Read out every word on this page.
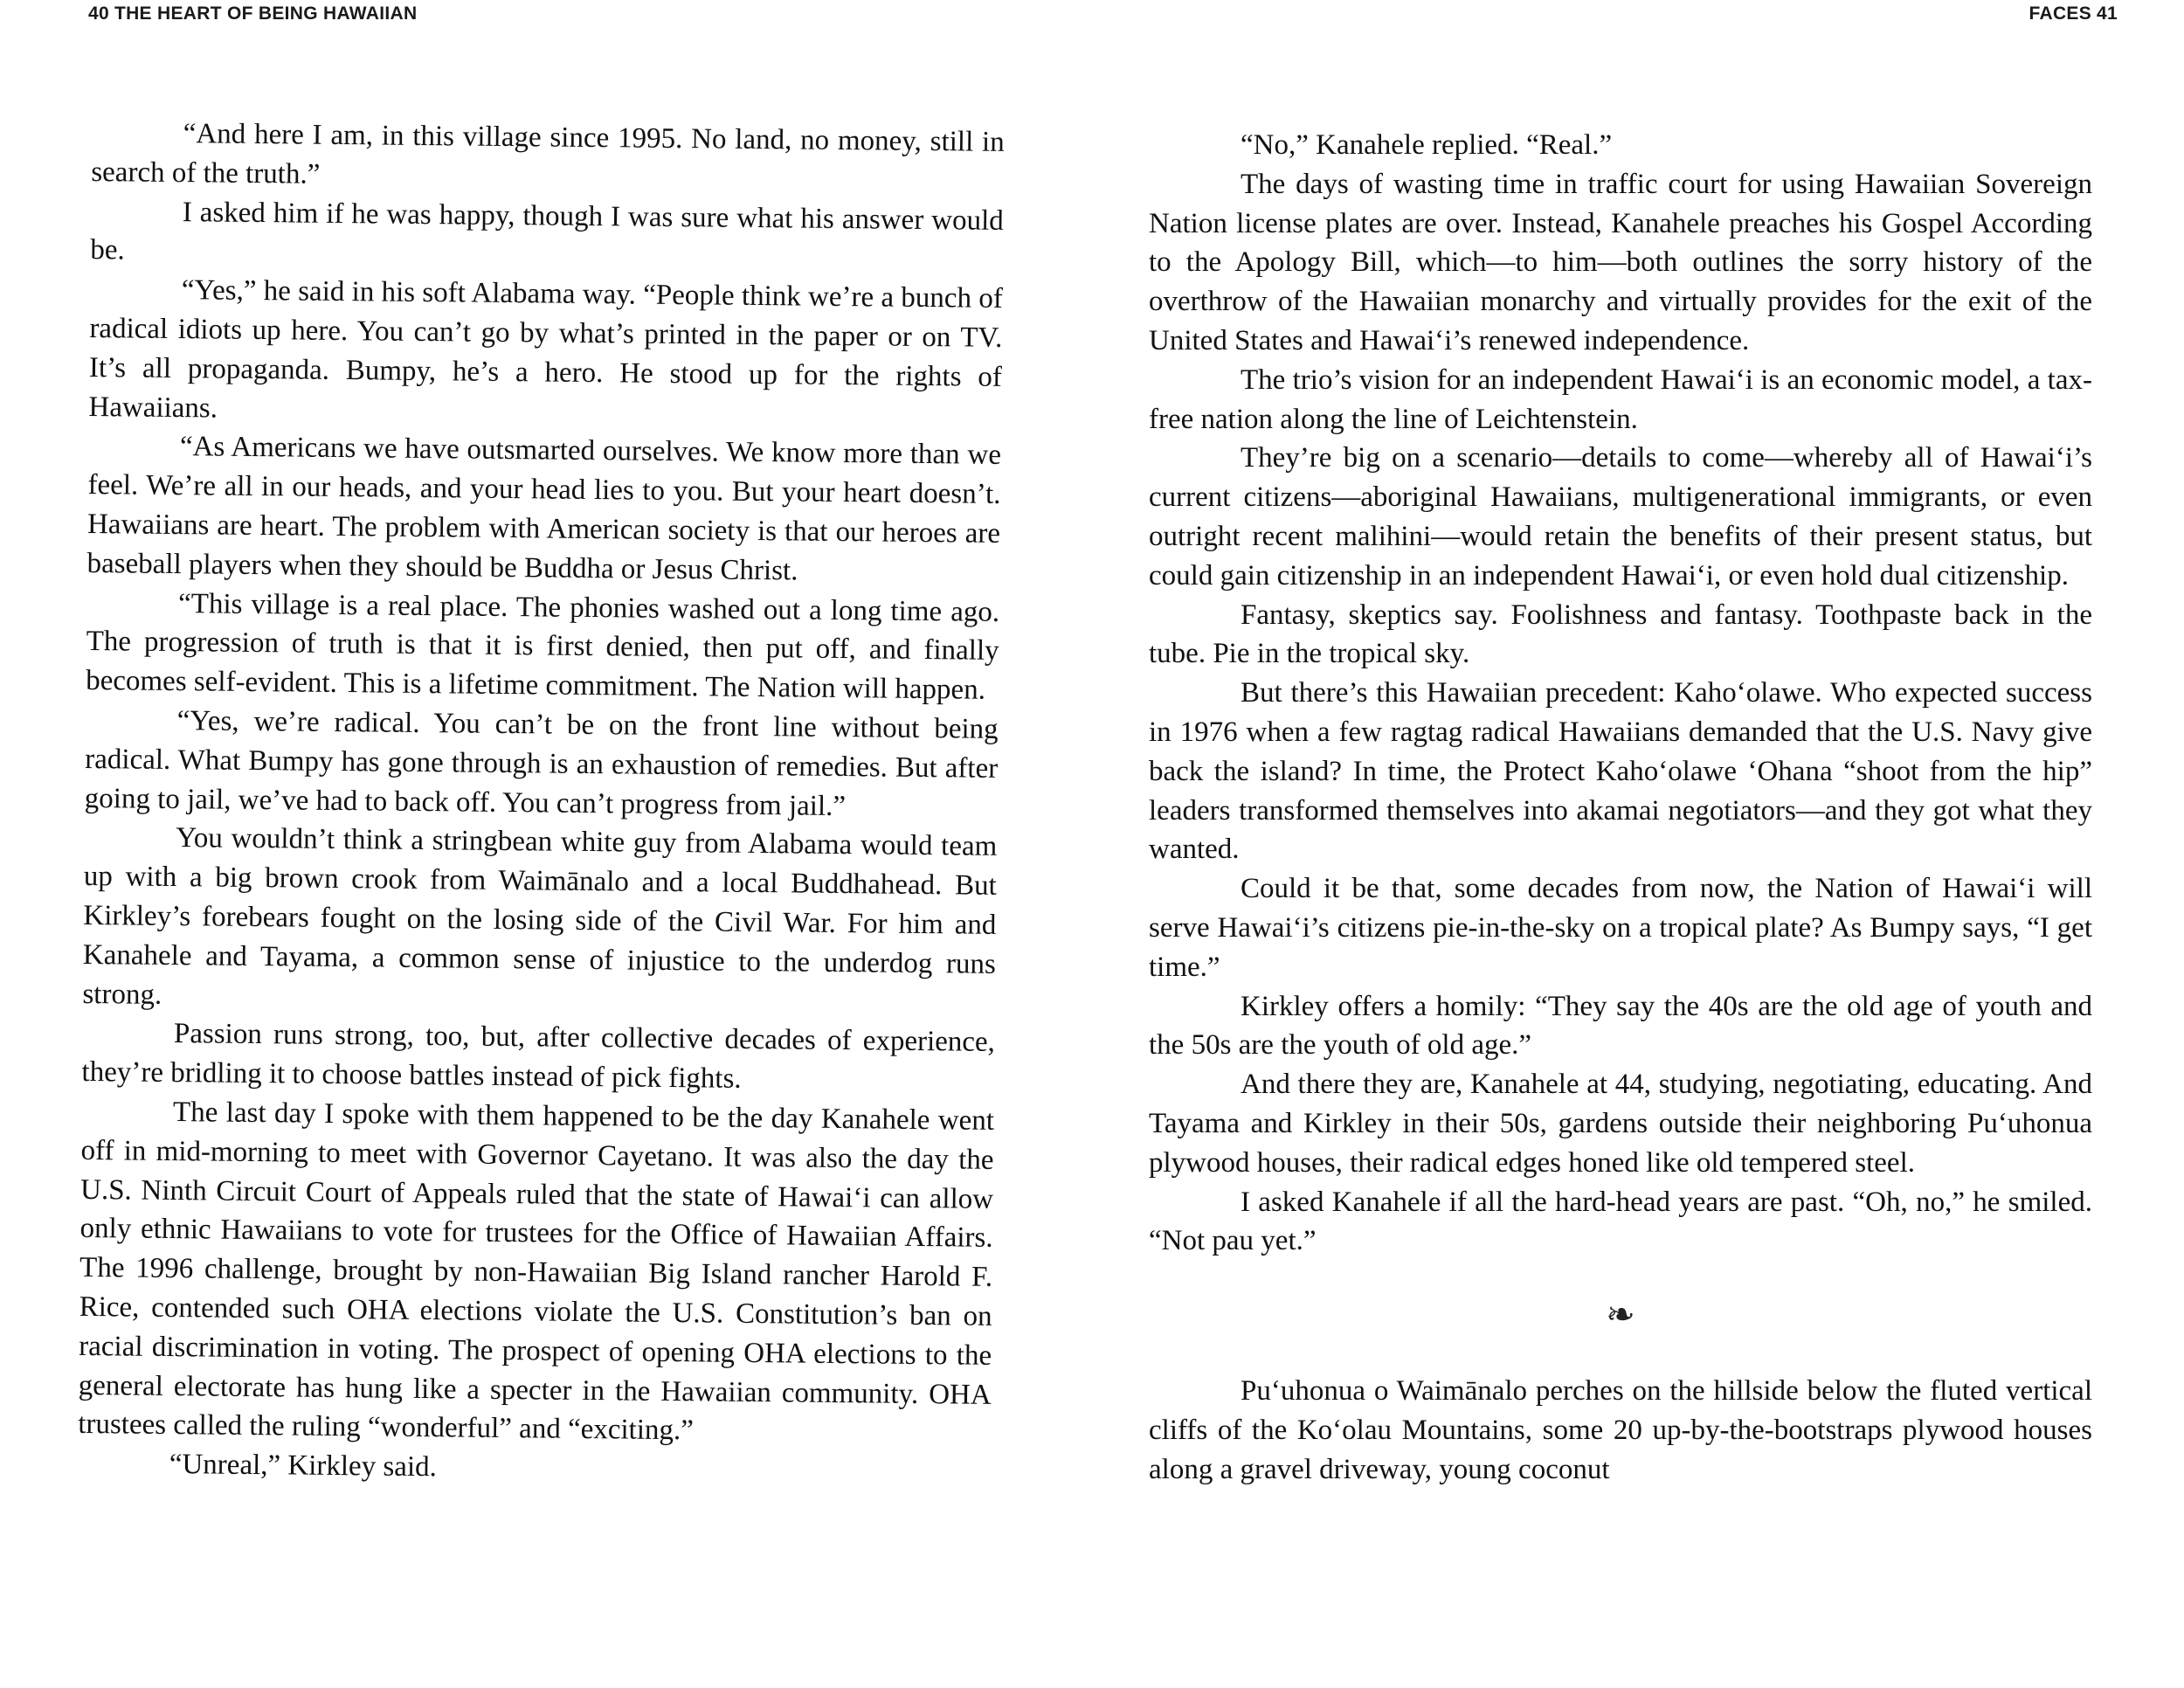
40 THE HEART OF BEING HAWAIIAN

“And here I am, in this village since 1995. No land, no money, still in search of the truth.”

I asked him if he was happy, though I was sure what his answer would be.

“Yes,” he said in his soft Alabama way. “People think we’re a bunch of radical idiots up here. You can’t go by what’s printed in the paper or on TV. It’s all propaganda. Bumpy, he’s a hero. He stood up for the rights of Hawaiians.

“As Americans we have outsmarted ourselves. We know more than we feel. We’re all in our heads, and your head lies to you. But your heart doesn’t. Hawaiians are heart. The problem with American society is that our heroes are baseball players when they should be Buddha or Jesus Christ.

“This village is a real place. The phonies washed out a long time ago. The progression of truth is that it is first denied, then put off, and finally becomes self-evident. This is a lifetime commitment. The Nation will happen.

“Yes, we’re radical. You can’t be on the front line without being radical. What Bumpy has gone through is an exhaustion of remedies. But after going to jail, we’ve had to back off. You can’t progress from jail.”

You wouldn’t think a stringbean white guy from Alabama would team up with a big brown crook from Waimānalo and a local Buddhahead. But Kirkley’s forebears fought on the losing side of the Civil War. For him and Kanahele and Tayama, a common sense of injustice to the underdog runs strong.

Passion runs strong, too, but, after collective decades of experience, they’re bridling it to choose battles instead of pick fights.

The last day I spoke with them happened to be the day Kanahele went off in mid-morning to meet with Governor Cayetano. It was also the day the U.S. Ninth Circuit Court of Appeals ruled that the state of Hawai‘i can allow only ethnic Hawaiians to vote for trustees for the Office of Hawaiian Affairs. The 1996 challenge, brought by non-Hawaiian Big Island rancher Harold F. Rice, contended such OHA elections violate the U.S. Constitution’s ban on racial discrimination in voting. The prospect of opening OHA elections to the general electorate has hung like a specter in the Hawaiian community. OHA trustees called the ruling “wonderful” and “exciting.”

“Unreal,” Kirkley said.

FACES 41

“No,” Kanahele replied. “Real.”

The days of wasting time in traffic court for using Hawaiian Sovereign Nation license plates are over. Instead, Kanahele preaches his Gospel According to the Apology Bill, which—to him—both outlines the sorry history of the overthrow of the Hawaiian monarchy and virtually provides for the exit of the United States and Hawai‘i’s renewed independence.

The trio’s vision for an independent Hawai‘i is an economic model, a tax-free nation along the line of Leichtenstein.

They’re big on a scenario—details to come—whereby all of Hawai‘i’s current citizens—aboriginal Hawaiians, multigenerational immigrants, or even outright recent malihini—would retain the benefits of their present status, but could gain citizenship in an independent Hawai‘i, or even hold dual citizenship.

Fantasy, skeptics say. Foolishness and fantasy. Toothpaste back in the tube. Pie in the tropical sky.

But there’s this Hawaiian precedent: Kaho‘olawe. Who expected success in 1976 when a few ragtag radical Hawaiians demanded that the U.S. Navy give back the island? In time, the Protect Kaho‘olawe ‘Ohana “shoot from the hip” leaders transformed themselves into akamai negotiators—and they got what they wanted.

Could it be that, some decades from now, the Nation of Hawai‘i will serve Hawai‘i’s citizens pie-in-the-sky on a tropical plate? As Bumpy says, “I get time.”

Kirkley offers a homily: “They say the 40s are the old age of youth and the 50s are the youth of old age.”

And there they are, Kanahele at 44, studying, negotiating, educating. And Tayama and Kirkley in their 50s, gardens outside their neighboring Pu‘uhonua plywood houses, their radical edges honed like old tempered steel.

I asked Kanahele if all the hard-head years are past. “Oh, no,” he smiled. “Not pau yet.”

❧

Pu‘uhonua o Waimānalo perches on the hillside below the fluted vertical cliffs of the Ko‘olau Mountains, some 20 up-by-the-bootstraps plywood houses along a gravel driveway, young coconut
